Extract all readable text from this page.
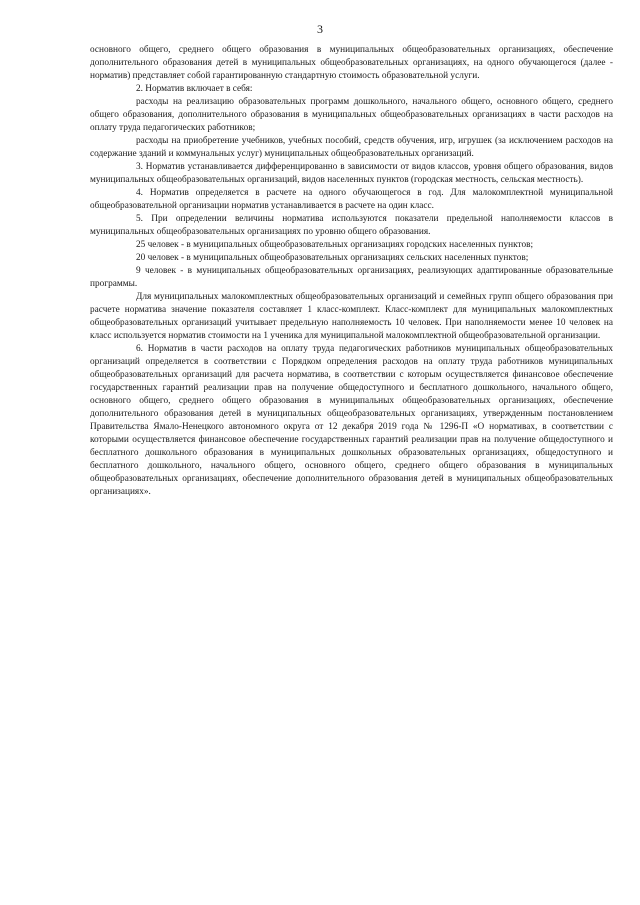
3

основного общего, среднего общего образования в муниципальных общеобразовательных организациях, обеспечение дополнительного образования детей в муниципальных общеобразовательных организациях, на одного обучающегося (далее - норматив) представляет собой гарантированную стандартную стоимость образовательной услуги.

2. Норматив включает в себя:

расходы на реализацию образовательных программ дошкольного, начального общего, основного общего, среднего общего образования, дополнительного образования в муниципальных общеобразовательных организациях в части расходов на оплату труда педагогических работников;

расходы на приобретение учебников, учебных пособий, средств обучения, игр, игрушек (за исключением расходов на содержание зданий и коммунальных услуг) муниципальных общеобразовательных организаций.

3. Норматив устанавливается дифференцированно в зависимости от видов классов, уровня общего образования, видов муниципальных общеобразовательных организаций, видов населенных пунктов (городская местность, сельская местность).

4. Норматив определяется в расчете на одного обучающегося в год. Для малокомплектной муниципальной общеобразовательной организации норматив устанавливается в расчете на один класс.

5. При определении величины норматива используются показатели предельной наполняемости классов в муниципальных общеобразовательных организациях по уровню общего образования.

25 человек - в муниципальных общеобразовательных организациях городских населенных пунктов;

20 человек - в муниципальных общеобразовательных организациях сельских населенных пунктов;

9 человек - в муниципальных общеобразовательных организациях, реализующих адаптированные образовательные программы.

Для муниципальных малокомплектных общеобразовательных организаций и семейных групп общего образования при расчете норматива значение показателя составляет 1 класс-комплект. Класс-комплект для муниципальных малокомплектных общеобразовательных организаций учитывает предельную наполняемость 10 человек. При наполняемости менее 10 человек на класс используется норматив стоимости на 1 ученика для муниципальной малокомплектной общеобразовательной организации.

6. Норматив в части расходов на оплату труда педагогических работников муниципальных общеобразовательных организаций определяется в соответствии с Порядком определения расходов на оплату труда работников муниципальных общеобразовательных организаций для расчета норматива, в соответствии с которым осуществляется финансовое обеспечение государственных гарантий реализации прав на получение общедоступного и бесплатного дошкольного, начального общего, основного общего, среднего общего образования в муниципальных общеобразовательных организациях, обеспечение дополнительного образования детей в муниципальных общеобразовательных организациях, утвержденным постановлением Правительства Ямало-Ненецкого автономного округа от 12 декабря 2019 года № 1296-П «О нормативах, в соответствии с которыми осуществляется финансовое обеспечение государственных гарантий реализации прав на получение общедоступного и бесплатного дошкольного образования в муниципальных дошкольных образовательных организациях, общедоступного и бесплатного дошкольного, начального общего, основного общего, среднего общего образования в муниципальных общеобразовательных организациях, обеспечение дополнительного образования детей в муниципальных общеобразовательных организациях».
